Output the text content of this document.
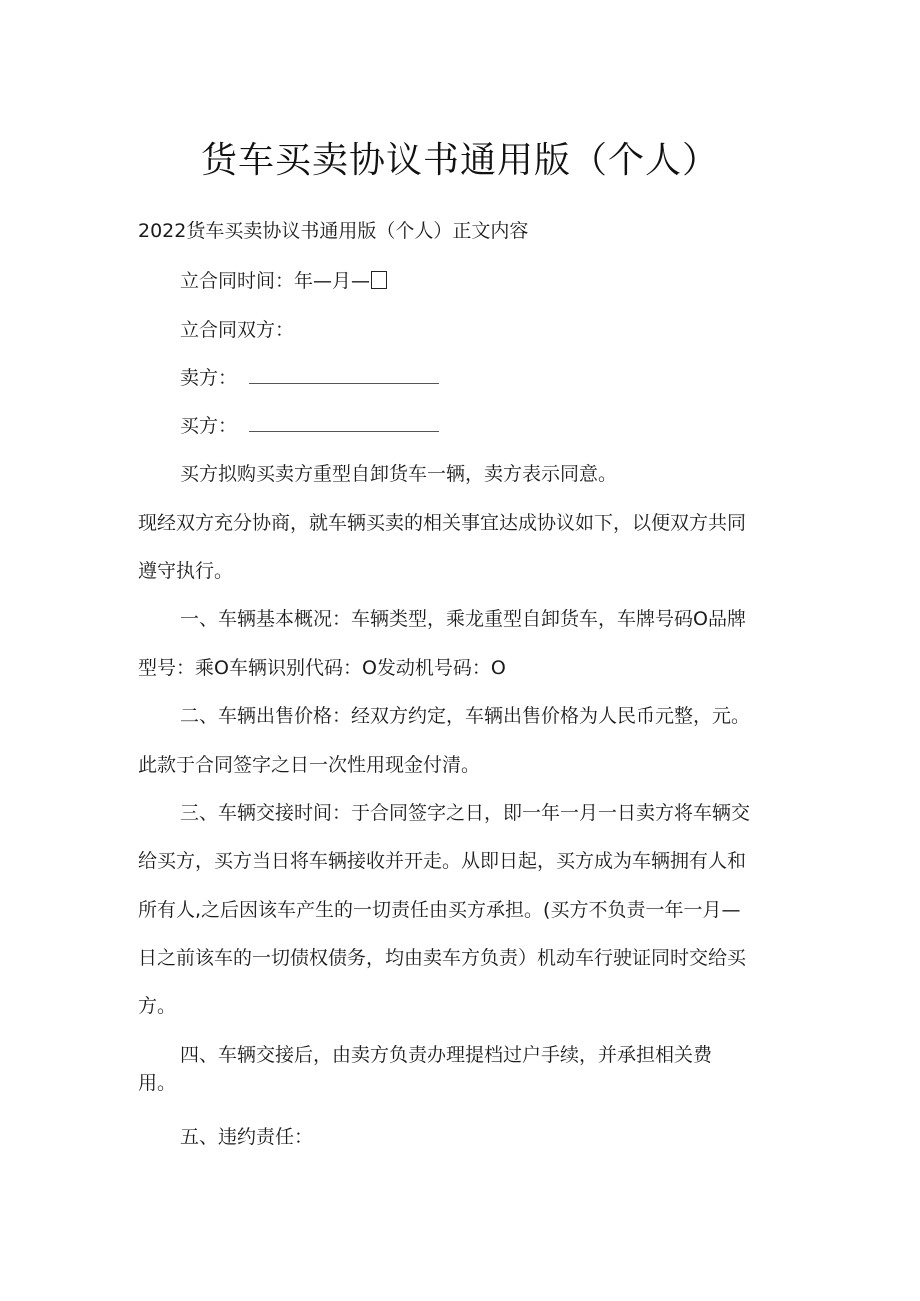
货车买卖协议书通用版（个人）
2022货车买卖协议书通用版（个人）正文内容
立合同时间：年—月—
立合同双方：
卖方：
买方：
买方拟购买卖方重型自卸货车一辆，卖方表示同意。
现经双方充分协商，就车辆买卖的相关事宜达成协议如下，以便双方共同
遵守执行。
一、车辆基本概况：车辆类型，乘龙重型自卸货车，车牌号码O品牌
型号：乘O车辆识别代码：O发动机号码：O
二、车辆出售价格：经双方约定，车辆出售价格为人民币元整，元。
此款于合同签字之日一次性用现金付清。
三、车辆交接时间：于合同签字之日，即一年一月一日卖方将车辆交
给买方，买方当日将车辆接收并开走。从即日起，买方成为车辆拥有人和
所有人,之后因该车产生的一切责任由买方承担。(买方不负责一年一月—
日之前该车的一切债权债务，均由卖车方负责）机动车行驶证同时交给买
方。
四、车辆交接后，由卖方负责办理提档过户手续，并承担相关费
用。
五、违约责任：
